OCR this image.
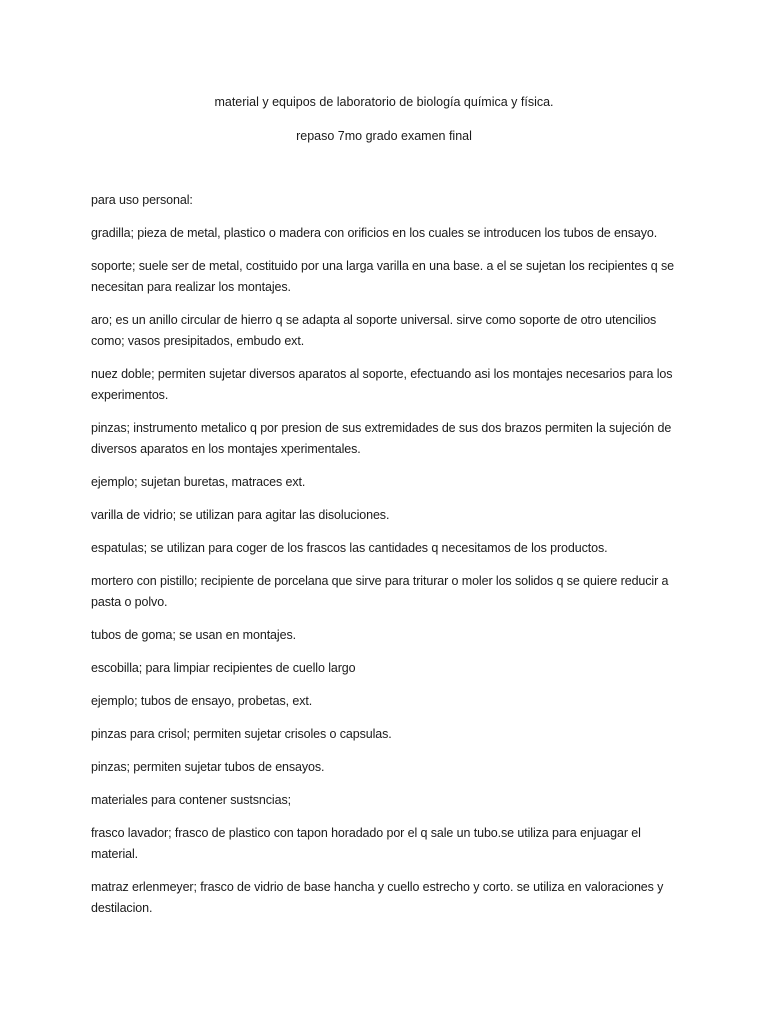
material y equipos de laboratorio de biología química y física.
repaso 7mo grado examen final

para uso personal:

gradilla; pieza de metal, plastico o madera con orificios en los cuales se introducen los tubos de ensayo.

soporte; suele ser de metal, costituido por una larga varilla en una base. a el se sujetan los recipientes q se necesitan para realizar los montajes.

aro; es un anillo circular de hierro q se adapta al soporte universal. sirve como soporte de otro utencilios como; vasos presipitados, embudo ext.

nuez doble; permiten sujetar diversos aparatos al soporte, efectuando asi los montajes necesarios para los experimentos.

pinzas; instrumento metalico q por presion de sus extremidades de sus dos brazos permiten la sujeción de diversos aparatos en los montajes xperimentales.

ejemplo; sujetan buretas, matraces ext.

varilla de vidrio; se utilizan para agitar las disoluciones.

espatulas; se utilizan para coger de los frascos las cantidades q necesitamos de los productos.

mortero con pistillo; recipiente de porcelana que sirve para triturar o moler los solidos q se quiere reducir a pasta o polvo.

tubos de goma; se usan en montajes.

escobilla; para limpiar recipientes de cuello largo

ejemplo; tubos de ensayo, probetas, ext.

pinzas para crisol; permiten sujetar crisoles o capsulas.

pinzas; permiten sujetar tubos de ensayos.

materiales para contener sustsncias;

frasco lavador; frasco de plastico con tapon horadado por el q sale un tubo.se utiliza para enjuagar el material.

matraz erlenmeyer; frasco de vidrio de base hancha y cuello estrecho y corto. se utiliza en valoraciones y destilacion.
